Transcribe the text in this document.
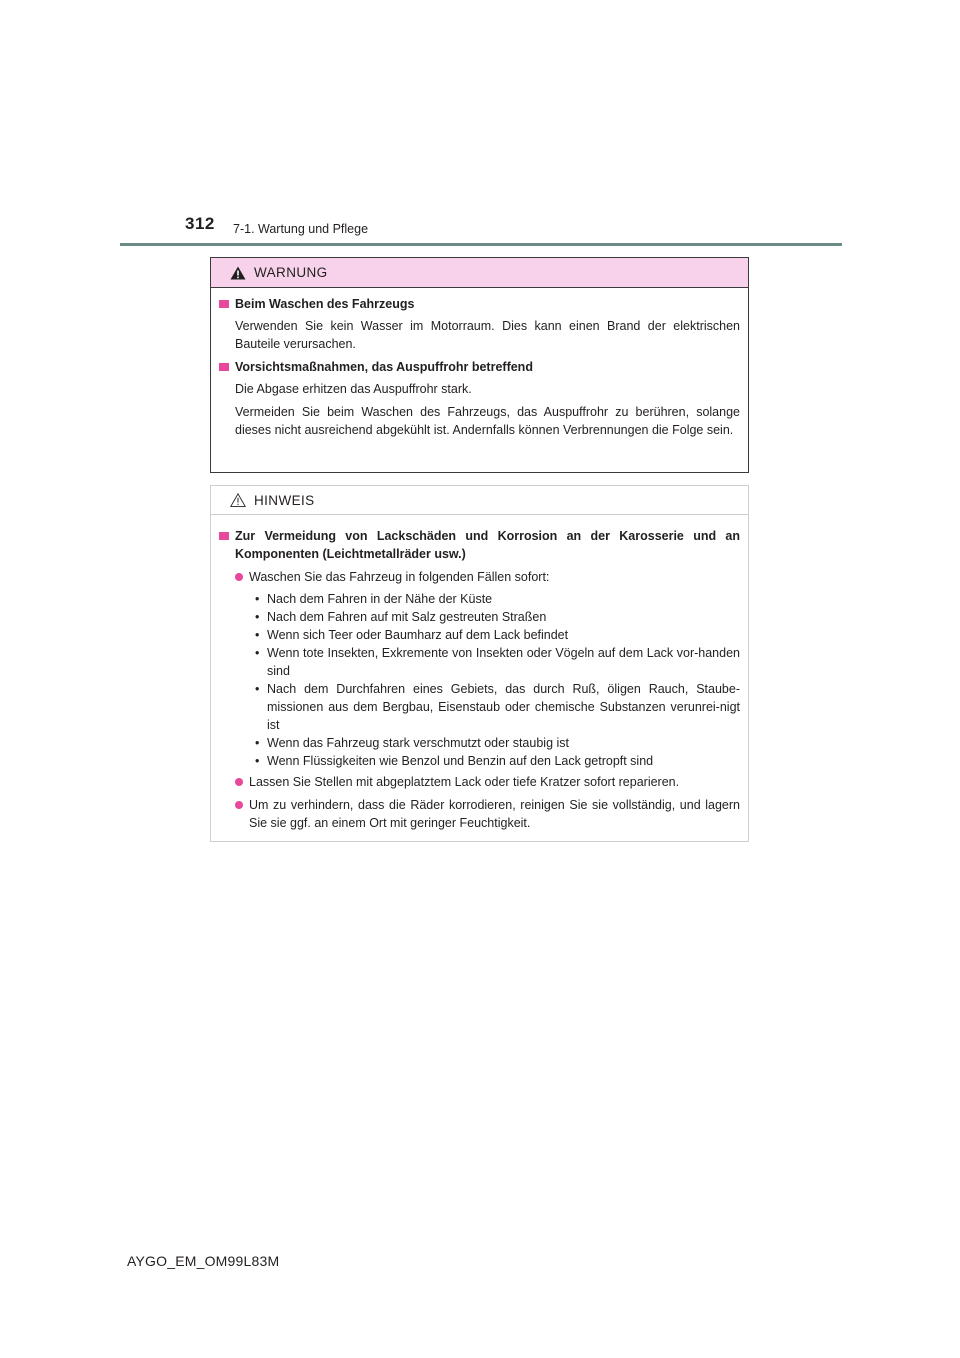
312 7-1. Wartung und Pflege
WARNUNG
Beim Waschen des Fahrzeugs
Verwenden Sie kein Wasser im Motorraum. Dies kann einen Brand der elektrischen Bauteile verursachen.
Vorsichtsmaßnahmen, das Auspuffrohr betreffend
Die Abgase erhitzen das Auspuffrohr stark.
Vermeiden Sie beim Waschen des Fahrzeugs, das Auspuffrohr zu berühren, solange dieses nicht ausreichend abgekühlt ist. Andernfalls können Verbrennungen die Folge sein.
HINWEIS
Zur Vermeidung von Lackschäden und Korrosion an der Karosserie und an Komponenten (Leichtmetallräder usw.)
Waschen Sie das Fahrzeug in folgenden Fällen sofort:
• Nach dem Fahren in der Nähe der Küste
• Nach dem Fahren auf mit Salz gestreuten Straßen
• Wenn sich Teer oder Baumharz auf dem Lack befindet
• Wenn tote Insekten, Exkremente von Insekten oder Vögeln auf dem Lack vor-handen sind
• Nach dem Durchfahren eines Gebiets, das durch Ruß, öligen Rauch, Staube-missionen aus dem Bergbau, Eisenstaub oder chemische Substanzen verunrei-nigt ist
• Wenn das Fahrzeug stark verschmutzt oder staubig ist
• Wenn Flüssigkeiten wie Benzol und Benzin auf den Lack getropft sind
Lassen Sie Stellen mit abgeplatztem Lack oder tiefe Kratzer sofort reparieren.
Um zu verhindern, dass die Räder korrodieren, reinigen Sie sie vollständig, und lagern Sie sie ggf. an einem Ort mit geringer Feuchtigkeit.
AYGO_EM_OM99L83M
